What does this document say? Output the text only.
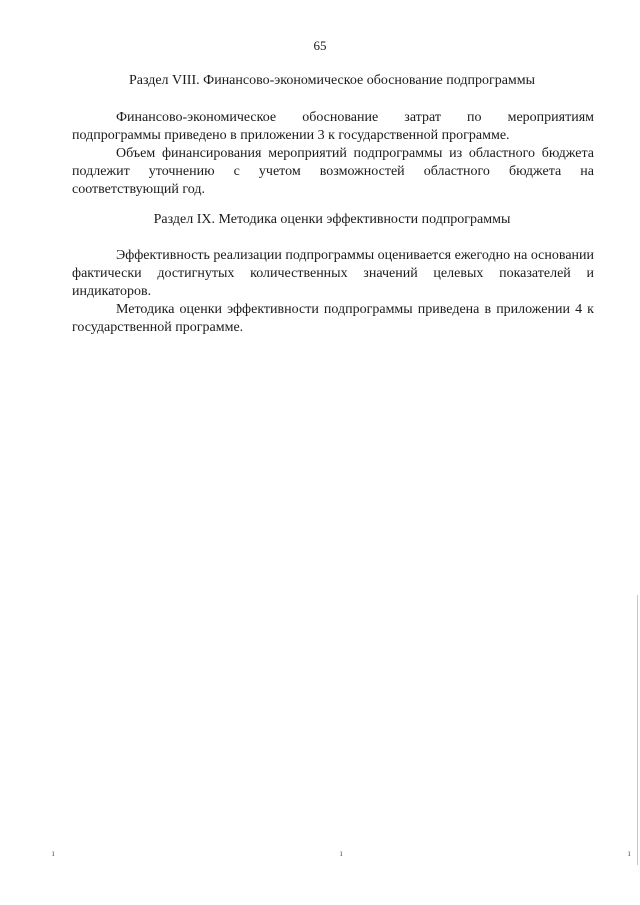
65
Раздел VIII. Финансово-экономическое обоснование подпрограммы

Финансово-экономическое обоснование затрат по мероприятиям подпрограммы приведено в приложении 3 к государственной программе.

Объем финансирования мероприятий подпрограммы из областного бюджета подлежит уточнению с учетом возможностей областного бюджета на соответствующий год.

Раздел IX. Методика оценки эффективности подпрограммы

Эффективность реализации подпрограммы оценивается ежегодно на основании фактически достигнутых количественных значений целевых показателей и индикаторов.

Методика оценки эффективности подпрограммы приведена в приложении 4 к государственной программе.

ı	ı	ı
